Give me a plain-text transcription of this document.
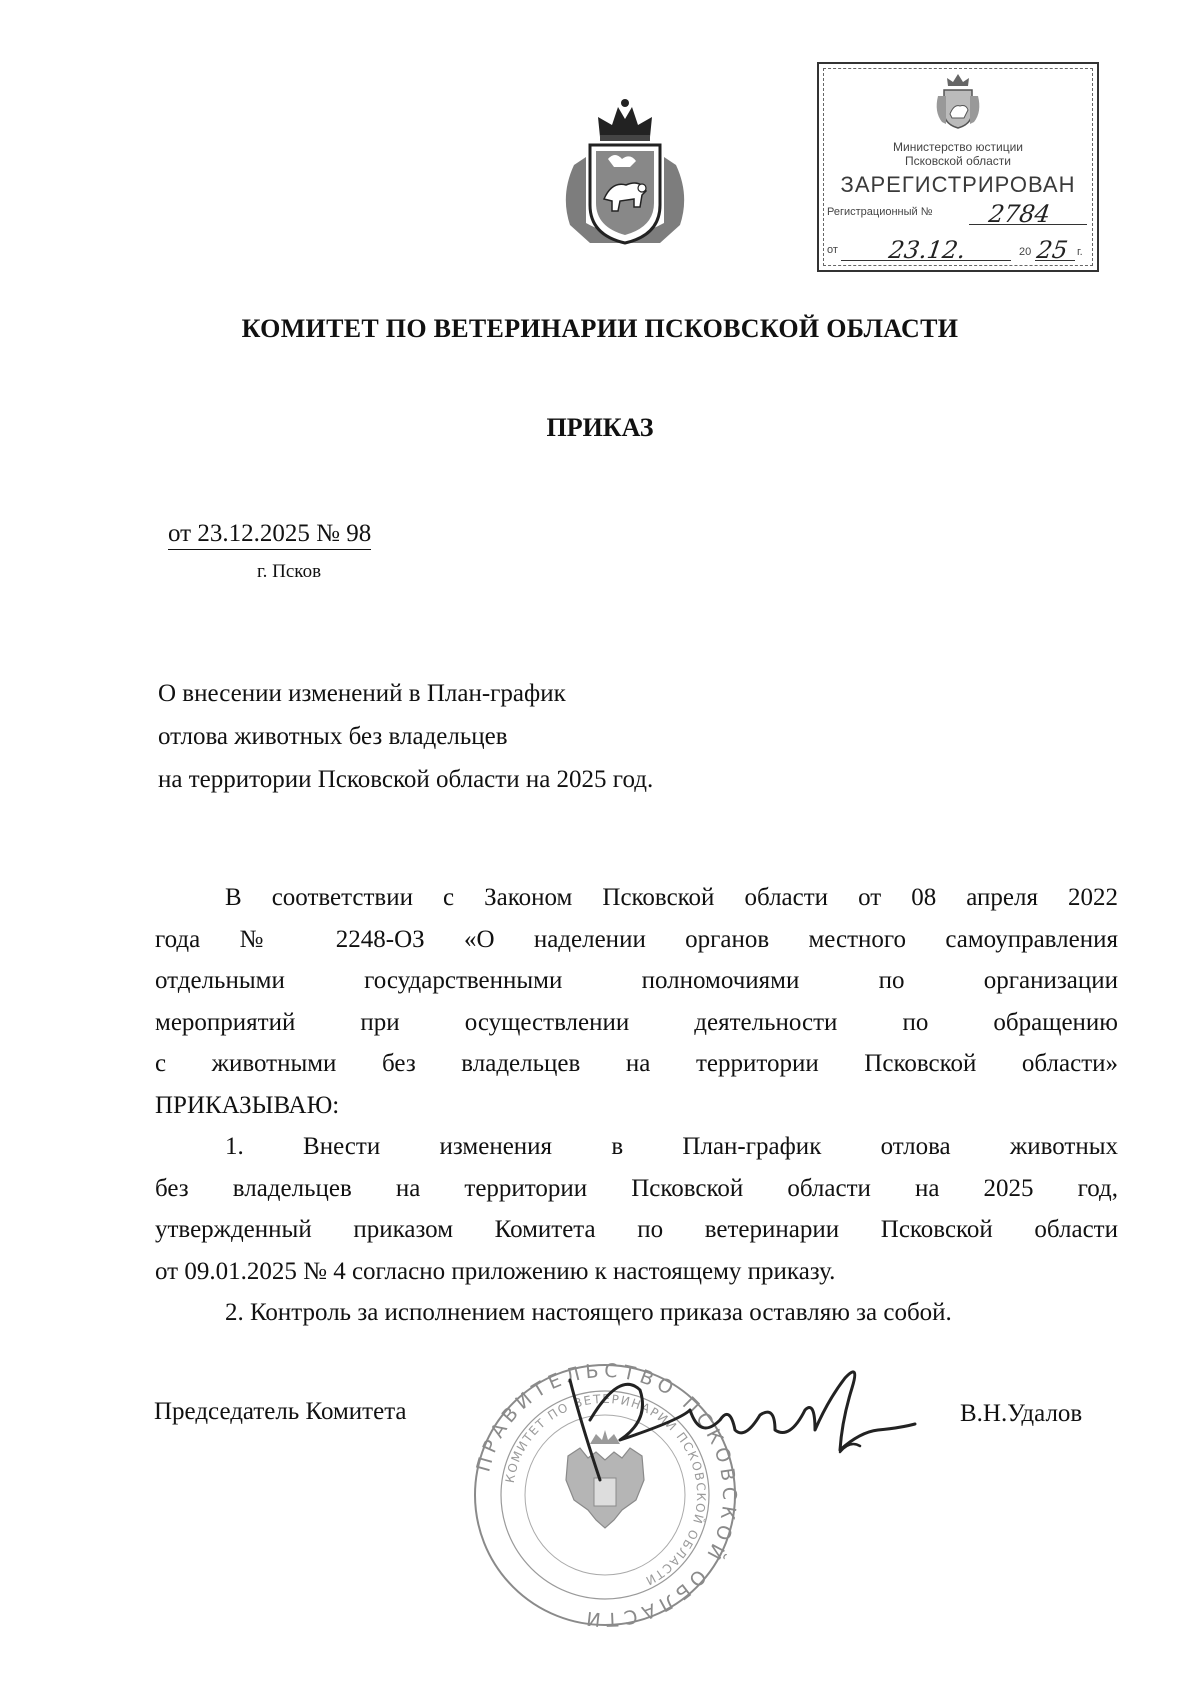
Министерство юстиции
Псковской области
ЗАРЕГИСТРИРОВАН
Регистрационный № 2784
от 23.12.	20 25 г.
КОМИТЕТ ПО ВЕТЕРИНАРИИ ПСКОВСКОЙ ОБЛАСТИ
ПРИКАЗ
от 23.12.2025 № 98
г. Псков
О внесении изменений в План-график
отлова животных без владельцев
на территории Псковской области на 2025 год.

В соответствии с Законом Псковской области от 08 апреля 2022

года № 2248-ОЗ «О наделении органов местного самоуправления

отдельными государственными полномочиями по организации

мероприятий при осуществлении деятельности по обращению

с животными без владельцев на территории Псковской области»

ПРИКАЗЫВАЮ:

1. Внести изменения в План-график отлова животных

без владельцев на территории Псковской области на 2025 год,

утвержденный приказом Комитета по ветеринарии Псковской области

от 09.01.2025 № 4 согласно приложению к настоящему приказу.

2. Контроль за исполнением настоящего приказа оставляю за собой.

ПРАВИТЕЛЬСТВО ПСКОВСКОЙ ОБЛАСТИ
КОМИТЕТ ПО ВЕТЕРИНАРИИ ПСКОВСКОЙ ОБЛАСТИ
Председатель Комитета	В.Н.Удалов
